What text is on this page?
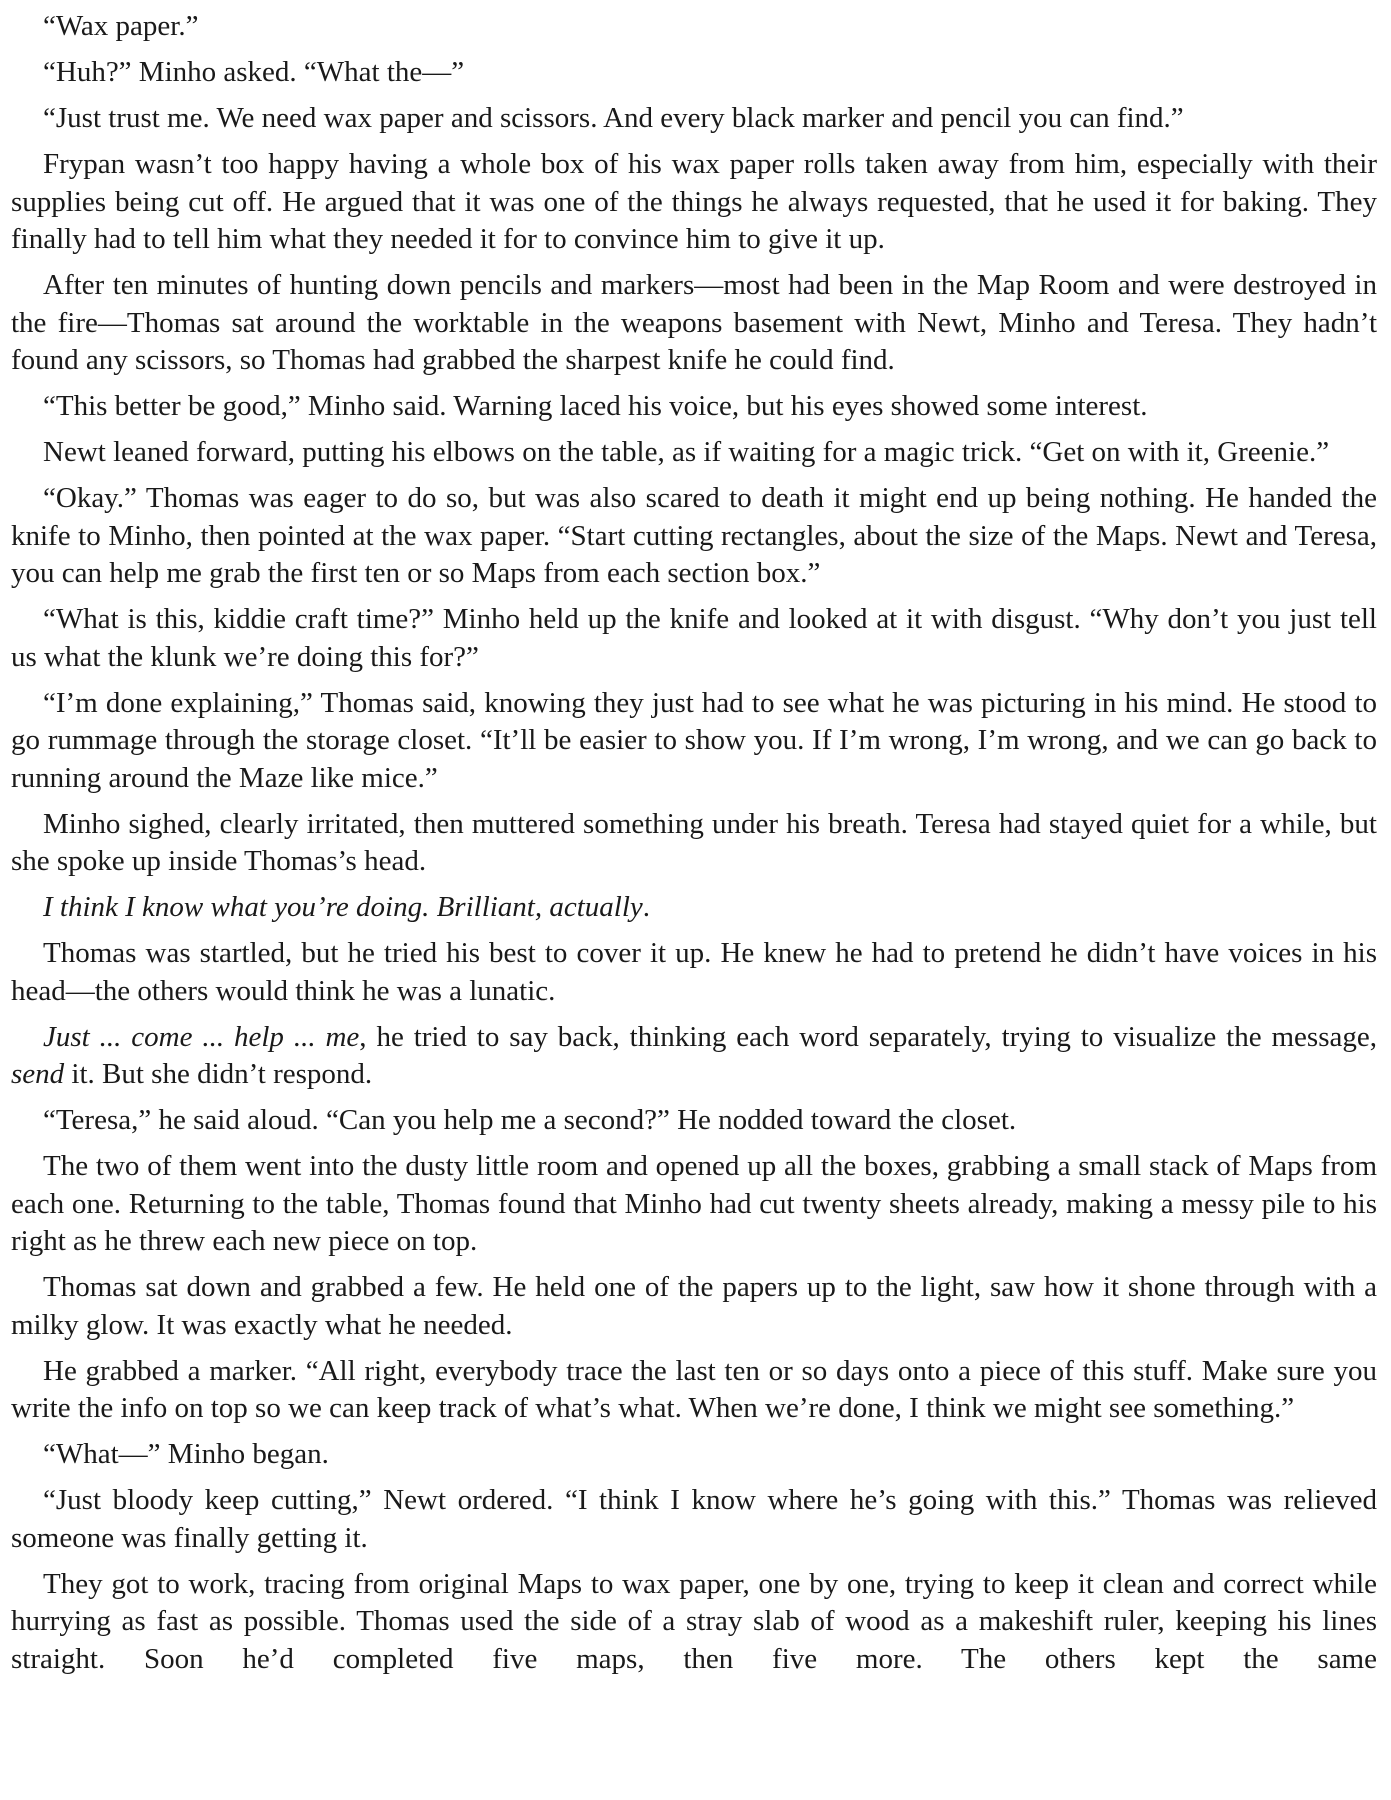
“Wax paper.”

“Huh?” Minho asked. “What the—”

“Just trust me. We need wax paper and scissors. And every black marker and pencil you can find.”

Frypan wasn’t too happy having a whole box of his wax paper rolls taken away from him, especially with their supplies being cut off. He argued that it was one of the things he always requested, that he used it for baking. They finally had to tell him what they needed it for to convince him to give it up.

After ten minutes of hunting down pencils and markers—most had been in the Map Room and were destroyed in the fire—Thomas sat around the worktable in the weapons basement with Newt, Minho and Teresa. They hadn’t found any scissors, so Thomas had grabbed the sharpest knife he could find.

“This better be good,” Minho said. Warning laced his voice, but his eyes showed some interest.

Newt leaned forward, putting his elbows on the table, as if waiting for a magic trick. “Get on with it, Greenie.”

“Okay.” Thomas was eager to do so, but was also scared to death it might end up being nothing. He handed the knife to Minho, then pointed at the wax paper. “Start cutting rectangles, about the size of the Maps. Newt and Teresa, you can help me grab the first ten or so Maps from each section box.”

“What is this, kiddie craft time?” Minho held up the knife and looked at it with disgust. “Why don’t you just tell us what the klunk we’re doing this for?”

“I’m done explaining,” Thomas said, knowing they just had to see what he was picturing in his mind. He stood to go rummage through the storage closet. “It’ll be easier to show you. If I’m wrong, I’m wrong, and we can go back to running around the Maze like mice.”

Minho sighed, clearly irritated, then muttered something under his breath. Teresa had stayed quiet for a while, but she spoke up inside Thomas’s head.

I think I know what you’re doing. Brilliant, actually.

Thomas was startled, but he tried his best to cover it up. He knew he had to pretend he didn’t have voices in his head—the others would think he was a lunatic.

Just ... come ... help ... me, he tried to say back, thinking each word separately, trying to visualize the message, send it. But she didn’t respond.

“Teresa,” he said aloud. “Can you help me a second?” He nodded toward the closet.

The two of them went into the dusty little room and opened up all the boxes, grabbing a small stack of Maps from each one. Returning to the table, Thomas found that Minho had cut twenty sheets already, making a messy pile to his right as he threw each new piece on top.

Thomas sat down and grabbed a few. He held one of the papers up to the light, saw how it shone through with a milky glow. It was exactly what he needed.

He grabbed a marker. “All right, everybody trace the last ten or so days onto a piece of this stuff. Make sure you write the info on top so we can keep track of what’s what. When we’re done, I think we might see something.”

“What—” Minho began.

“Just bloody keep cutting,” Newt ordered. “I think I know where he’s going with this.” Thomas was relieved someone was finally getting it.

They got to work, tracing from original Maps to wax paper, one by one, trying to keep it clean and correct while hurrying as fast as possible. Thomas used the side of a stray slab of wood as a makeshift ruler, keeping his lines straight. Soon he’d completed five maps, then five more. The others kept the same
